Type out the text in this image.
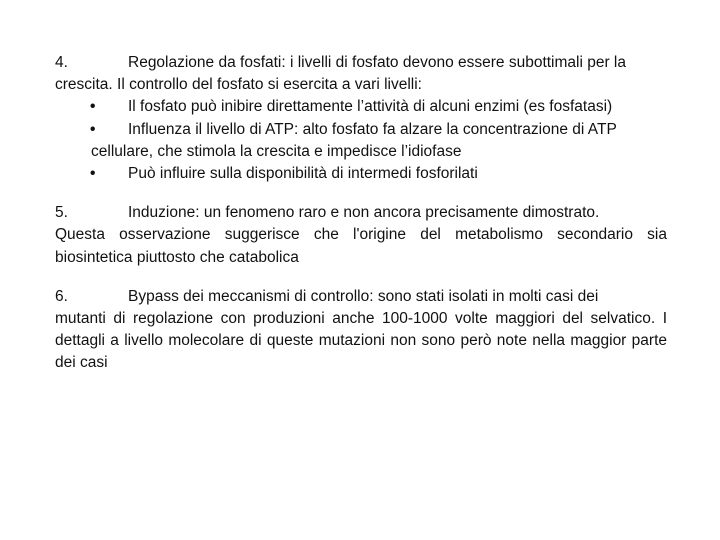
4.	Regolazione da fosfati: i livelli di fosfato devono essere subottimali per la
crescita. Il controllo del fosfato si esercita a vari livelli:
• Il fosfato può inibire direttamente l’attività di alcuni enzimi (es fosfatasi)
• Influenza il livello di ATP: alto fosfato fa alzare la concentrazione di ATP
cellulare, che stimola la crescita e impedisce l’idiofase
• Può influire sulla disponibilità di intermedi fosforilati
5.	Induzione: un fenomeno raro e non ancora precisamente dimostrato.
Questa osservazione suggerisce che l'origine del metabolismo secondario sia biosintetica piuttosto che catabolica
6.	Bypass dei meccanismi di controllo: sono stati isolati in molti casi dei
mutanti di regolazione con produzioni anche 100-1000 volte maggiori del selvatico. I dettagli a livello molecolare di queste mutazioni non sono però note nella maggior parte dei casi
